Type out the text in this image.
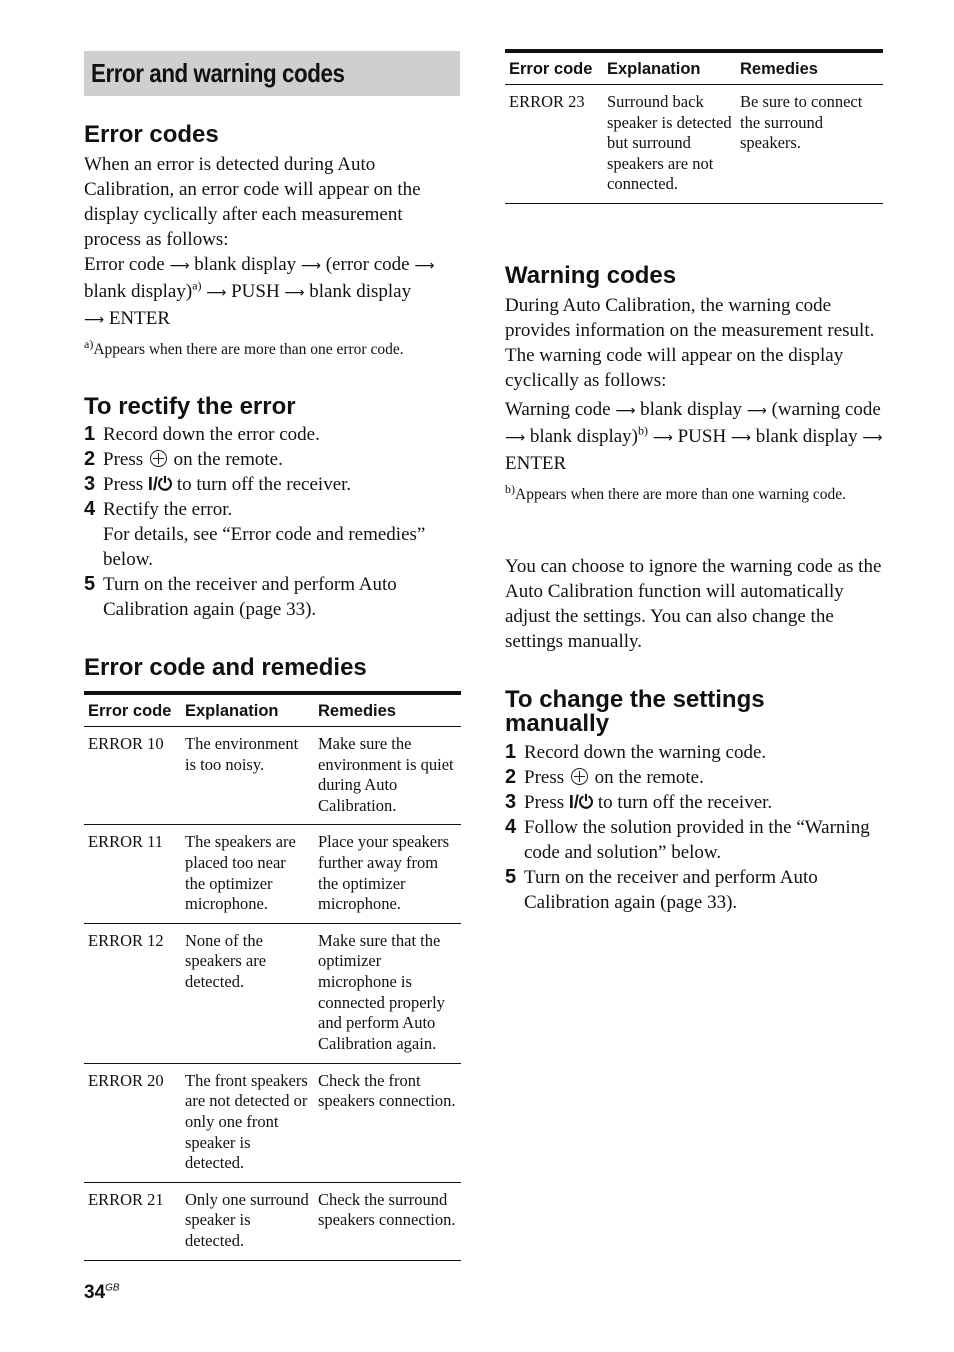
Error and warning codes
Error codes

When an error is detected during Auto Calibration, an error code will appear on the display cyclically after each measurement process as follows:

Error code ⟶ blank display ⟶ (error code ⟶ blank display)$^{a)}$ ⟶ PUSH ⟶ blank display
⟶ ENTER

$^{a)}$Appears when there are more than one error code.
To rectify the error
1 Record down the error code.
2 Press on the remote.
3 Press I/⏻ to turn off the receiver.
4 Rectify the error.
For details, see “Error code and remedies” below.
5 Turn on the receiver and perform Auto Calibration again (page 33).
Error code and remedies
Error code	Explanation	Remedies
ERROR 10	The environment is too noisy.	Make sure the environment is quiet during Auto Calibration.
ERROR 11	The speakers are placed too near the optimizer microphone.	Place your speakers further away from the optimizer microphone.
ERROR 12	None of the speakers are detected.	Make sure that the optimizer microphone is connected properly and perform Auto Calibration again.
ERROR 20	The front speakers are not detected or only one front speaker is detected.	Check the front speakers connection.
ERROR 21	Only one surround speaker is detected.	Check the surround speakers connection.
Error code	Explanation	Remedies
ERROR 23	Surround back speaker is detected but surround speakers are not connected.	Be sure to connect the surround speakers.
Warning codes

During Auto Calibration, the warning code provides information on the measurement result. The warning code will appear on the display cyclically as follows:

Warning code ⟶ blank display ⟶ (warning code ⟶ blank display)$^{b)}$ ⟶ PUSH ⟶ blank display ⟶ ENTER

$^{b)}$Appears when there are more than one warning code.

You can choose to ignore the warning code as the Auto Calibration function will automatically adjust the settings. You can also change the settings manually.

To change the settings manually
1 Record down the warning code.
2 Press on the remote.
3 Press I/⏻ to turn off the receiver.
4 Follow the solution provided in the “Warning code and solution” below.
5 Turn on the receiver and perform Auto Calibration again (page 33).
$34^{GB}$
